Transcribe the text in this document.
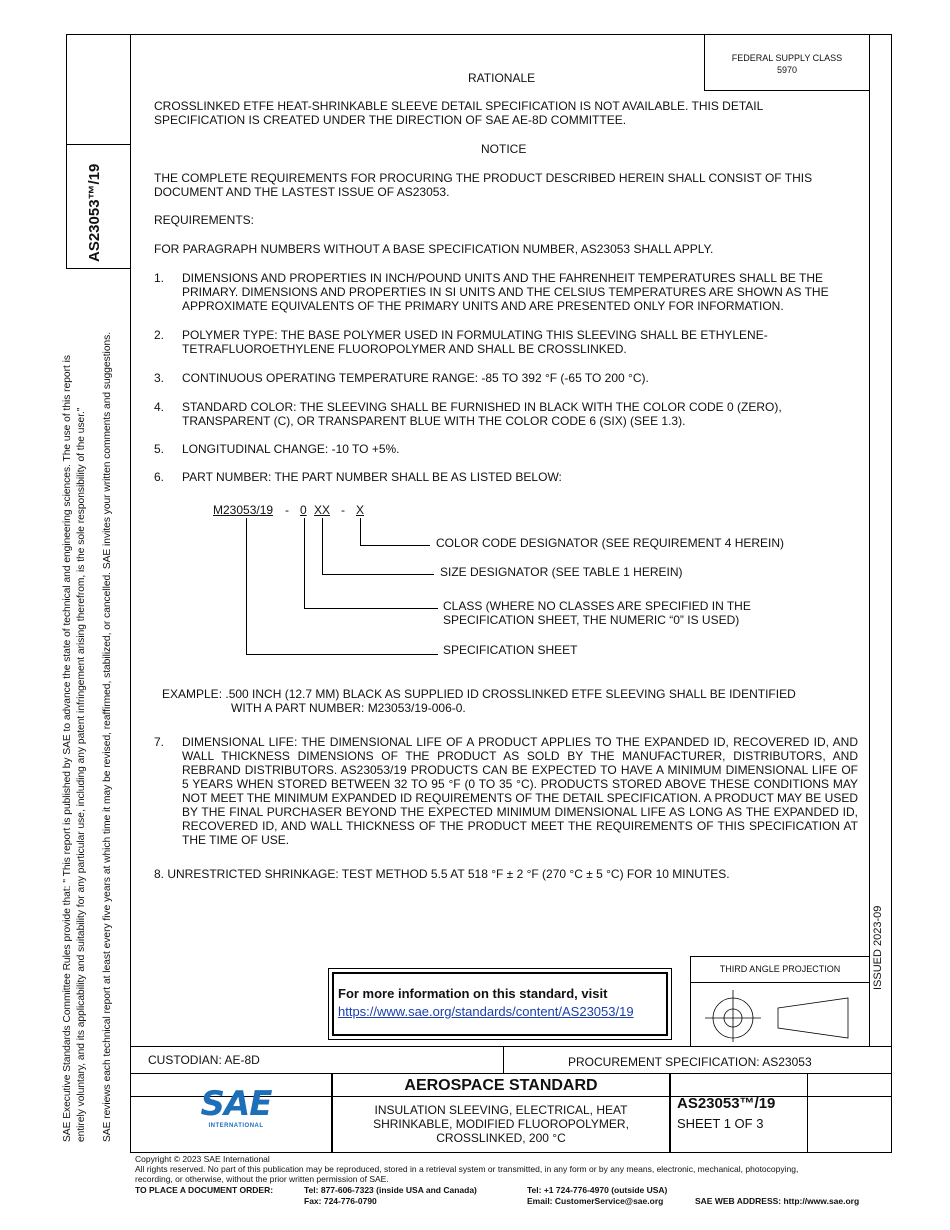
FEDERAL SUPPLY CLASS
5970
AS23053™/19
SAE Executive Standards Committee Rules provide that: " This report is published by SAE to advance the state of technical and engineering sciences. The use of this report is entirely voluntary, and its applicability and suitability for any particular use, including any patent infringement arising therefrom, is the sole responsibility of the user." SAE reviews each technical report at least every five years at which time it may be revised, reaffirmed, stabilized, or cancelled. SAE invites your written comments and suggestions.	ISSUED 2023-09
RATIONALE
CROSSLINKED ETFE HEAT-SHRINKABLE SLEEVE DETAIL SPECIFICATION IS NOT AVAILABLE. THIS DETAIL SPECIFICATION IS CREATED UNDER THE DIRECTION OF SAE AE-8D COMMITTEE.
NOTICE
THE COMPLETE REQUIREMENTS FOR PROCURING THE PRODUCT DESCRIBED HEREIN SHALL CONSIST OF THIS DOCUMENT AND THE LASTEST ISSUE OF AS23053.
REQUIREMENTS:
FOR PARAGRAPH NUMBERS WITHOUT A BASE SPECIFICATION NUMBER, AS23053 SHALL APPLY.
1. DIMENSIONS AND PROPERTIES IN INCH/POUND UNITS AND THE FAHRENHEIT TEMPERATURES SHALL BE THE PRIMARY. DIMENSIONS AND PROPERTIES IN SI UNITS AND THE CELSIUS TEMPERATURES ARE SHOWN AS THE APPROXIMATE EQUIVALENTS OF THE PRIMARY UNITS AND ARE PRESENTED ONLY FOR INFORMATION.
2. POLYMER TYPE: THE BASE POLYMER USED IN FORMULATING THIS SLEEVING SHALL BE ETHYLENE-TETRAFLUOROETHYLENE FLUOROPOLYMER AND SHALL BE CROSSLINKED.
3. CONTINUOUS OPERATING TEMPERATURE RANGE: -85 TO 392 °F (-65 TO 200 °C).
4. STANDARD COLOR: THE SLEEVING SHALL BE FURNISHED IN BLACK WITH THE COLOR CODE 0 (ZERO), TRANSPARENT (C), OR TRANSPARENT BLUE WITH THE COLOR CODE 6 (SIX) (SEE 1.3).
5. LONGITUDINAL CHANGE: -10 TO +5%.
6. PART NUMBER: THE PART NUMBER SHALL BE AS LISTED BELOW:
M23053/19 - 0 XX - X
COLOR CODE DESIGNATOR (SEE REQUIREMENT 4 HEREIN)
SIZE DESIGNATOR (SEE TABLE 1 HEREIN)
CLASS (WHERE NO CLASSES ARE SPECIFIED IN THE
SPECIFICATION SHEET, THE NUMERIC “0” IS USED)
SPECIFICATION SHEET
EXAMPLE: .500 INCH (12.7 MM) BLACK AS SUPPLIED ID CROSSLINKED ETFE SLEEVING SHALL BE IDENTIFIED
WITH A PART NUMBER: M23053/19-006-0.
7. DIMENSIONAL LIFE: THE DIMENSIONAL LIFE OF A PRODUCT APPLIES TO THE EXPANDED ID, RECOVERED ID, AND WALL THICKNESS DIMENSIONS OF THE PRODUCT AS SOLD BY THE MANUFACTURER, DISTRIBUTORS, AND REBRAND DISTRIBUTORS. AS23053/19 PRODUCTS CAN BE EXPECTED TO HAVE A MINIMUM DIMENSIONAL LIFE OF 5 YEARS WHEN STORED BETWEEN 32 TO 95 °F (0 TO 35 °C). PRODUCTS STORED ABOVE THESE CONDITIONS MAY NOT MEET THE MINIMUM EXPANDED ID REQUIREMENTS OF THE DETAIL SPECIFICATION. A PRODUCT MAY BE USED BY THE FINAL PURCHASER BEYOND THE EXPECTED MINIMUM DIMENSIONAL LIFE AS LONG AS THE EXPANDED ID, RECOVERED ID, AND WALL THICKNESS OF THE PRODUCT MEET THE REQUIREMENTS OF THIS SPECIFICATION AT THE TIME OF USE.
8. UNRESTRICTED SHRINKAGE: TEST METHOD 5.5 AT 518 °F ± 2 °F (270 °C ± 5 °C) FOR 10 MINUTES.
For more information on this standard, visit
https://www.sae.org/standards/content/AS23053/19
THIRD ANGLE PROJECTION
CUSTODIAN: AE-8D	PROCUREMENT SPECIFICATION: AS23053
SAE
INTERNATIONAL
AEROSPACE STANDARD
INSULATION SLEEVING, ELECTRICAL, HEAT
SHRINKABLE, MODIFIED FLUOROPOLYMER,
CROSSLINKED, 200 °C
AS23053™/19
SHEET 1 OF 3
Copyright © 2023 SAE International
All rights reserved. No part of this publication may be reproduced, stored in a retrieval system or transmitted, in any form or by any means, electronic, mechanical, photocopying,
recording, or otherwise, without the prior written permission of SAE.
TO PLACE A DOCUMENT ORDER:	Tel: 877-606-7323 (inside USA and Canada)
Fax: 724-776-0790
Tel: +1 724-776-4970 (outside USA)
Email: CustomerService@sae.org	SAE WEB ADDRESS: http://www.sae.org
